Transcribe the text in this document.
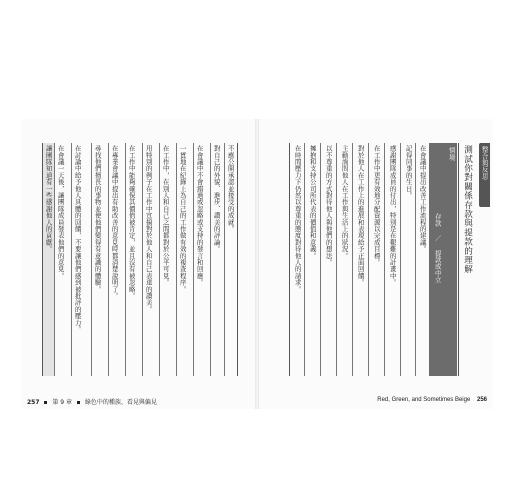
讓團隊知道有一些感謝他人的貢獻。 在會議一天後，讓團隊成員發表他們的意見。 在討論中給予他人具體的回饋，不要讓他們感到被批評的壓力。 尋找他們擅長的事物並使他們變得有意識的體驗。 在專業會議中提出有助改善的意見時都清楚說明了。 在工作中能夠確保其價值被肯定，並且沒有被忽略。 用特別的例子在工作中宣揚對於他人和自己表達的讚美。 在工作中，在別人和自己之間都對於公平可見。 一貫地在紀錄上為自己的工作做有效的複查程序。 在會議中不會錯過或忽略或支持的發言和回應。 對自己的外貌、進步、讚美的評論。 不應公開承認並接受的成就。
257 第 9 章 綠色中的種族、看見與偏見
在時間壓力下仍然以尊重的態度對待他人的請求。 擁抱和支持公司所代表的價值和意義。 以不尊重的方式對待他人與他們的想法。 主動詢問他人在工作與生活上的狀況。 對於他人在工作上的進展和表現給予正面回饋。 在工作中更有效地分配資源以完成目標。 感謝團隊成員的付出，特別是在艱難的計畫中。 記得同事的生日。 在會議中提出改善工作流程的建議。	情境
存款 ／ 提款或中立 測試你對關係存款與提款的理解 整合與反思
Red, Green, and Sometimes Beige 256
